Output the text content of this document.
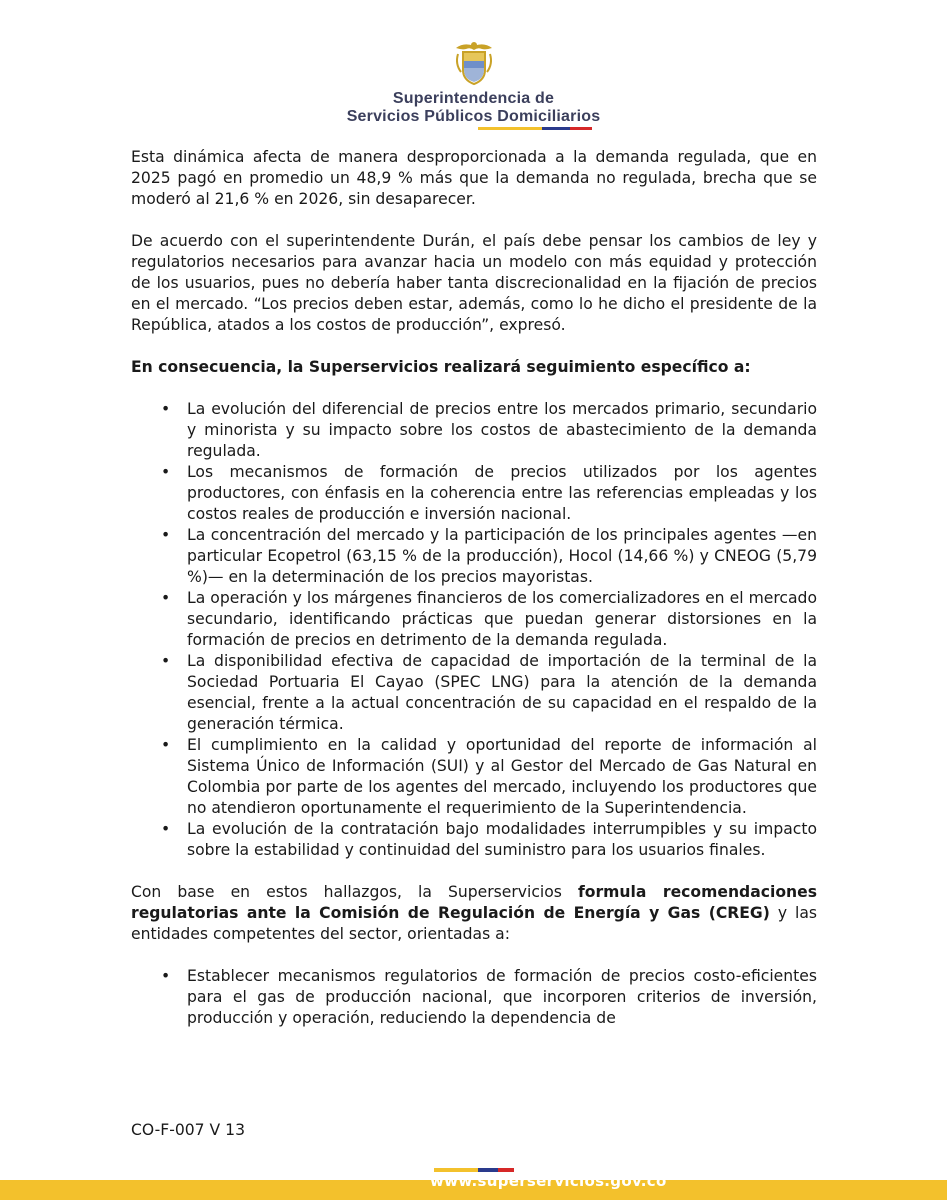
Superintendencia de
Servicios Públicos Domiciliarios

Esta dinámica afecta de manera desproporcionada a la demanda regulada, que en 2025 pagó en promedio un 48,9 % más que la demanda no regulada, brecha que se moderó al 21,6 % en 2026, sin desaparecer.

De acuerdo con el superintendente Durán, el país debe pensar los cambios de ley y regulatorios necesarios para avanzar hacia un modelo con más equidad y protección de los usuarios, pues no debería haber tanta discrecionalidad en la fijación de precios en el mercado. “Los precios deben estar, además, como lo he dicho el presidente de la República, atados a los costos de producción”, expresó.

En consecuencia, la Superservicios realizará seguimiento específico a:

• La evolución del diferencial de precios entre los mercados primario, secundario y minorista y su impacto sobre los costos de abastecimiento de la demanda regulada.
• Los mecanismos de formación de precios utilizados por los agentes productores, con énfasis en la coherencia entre las referencias empleadas y los costos reales de producción e inversión nacional.
• La concentración del mercado y la participación de los principales agentes —en particular Ecopetrol (63,15 % de la producción), Hocol (14,66 %) y CNEOG (5,79 %)— en la determinación de los precios mayoristas.
• La operación y los márgenes financieros de los comercializadores en el mercado secundario, identificando prácticas que puedan generar distorsiones en la formación de precios en detrimento de la demanda regulada.
• La disponibilidad efectiva de capacidad de importación de la terminal de la Sociedad Portuaria El Cayao (SPEC LNG) para la atención de la demanda esencial, frente a la actual concentración de su capacidad en el respaldo de la generación térmica.
• El cumplimiento en la calidad y oportunidad del reporte de información al Sistema Único de Información (SUI) y al Gestor del Mercado de Gas Natural en Colombia por parte de los agentes del mercado, incluyendo los productores que no atendieron oportunamente el requerimiento de la Superintendencia.
• La evolución de la contratación bajo modalidades interrumpibles y su impacto sobre la estabilidad y continuidad del suministro para los usuarios finales.

Con base en estos hallazgos, la Superservicios formula recomendaciones regulatorias ante la Comisión de Regulación de Energía y Gas (CREG) y las entidades competentes del sector, orientadas a:

• Establecer mecanismos regulatorios de formación de precios costo-eficientes para el gas de producción nacional, que incorporen criterios de inversión, producción y operación, reduciendo la dependencia de
CO-F-007 V 13
www.superservicios.gov.co
